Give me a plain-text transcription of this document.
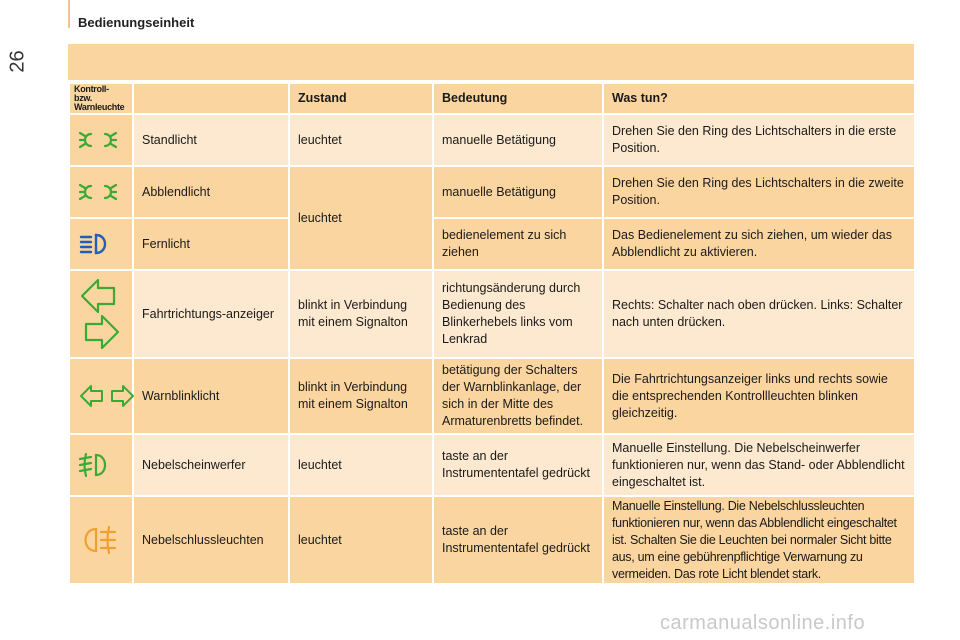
26
Bedienungseinheit
Kontroll- bzw. Warnleuchte		Zustand	Bedeutung	Was tun?
	Standlicht	leuchtet	manuelle Betätigung	Drehen Sie den Ring des Lichtschalters in die erste Position.
	Abblendlicht	leuchtet	manuelle Betätigung	Drehen Sie den Ring des Lichtschalters in die zweite Position.
	Fernlicht		bedienelement zu sich ziehen	Das Bedienelement zu sich ziehen, um wieder das Abblendlicht zu aktivieren.
	Fahrtrichtungs-anzeiger	blinkt in Verbindung mit einem Signalton	richtungsänderung durch Bedienung des Blinkerhebels links vom Lenkrad	Rechts: Schalter nach oben drücken. Links: Schalter nach unten drücken.
	Warnblinklicht	blinkt in Verbindung mit einem Signalton	betätigung der Schalters der Warnblinkanlage, der sich in der Mitte des Armaturenbretts befindet.	Die Fahrtrichtungsanzeiger links und rechts sowie die entsprechenden Kontrollleuchten blinken gleichzeitig.
	Nebelscheinwerfer	leuchtet	taste an der Instrumententafel gedrückt	Manuelle Einstellung. Die Nebelscheinwerfer funktionieren nur, wenn das Stand- oder Abblendlicht eingeschaltet ist.
	Nebelschlussleuchten	leuchtet	taste an der Instrumententafel gedrückt	Manuelle Einstellung. Die Nebelschlussleuchten funktionieren nur, wenn das Abblendlicht eingeschaltet ist. Schalten Sie die Leuchten bei normaler Sicht bitte aus, um eine gebührenpflichtige Verwarnung zu vermeiden. Das rote Licht blendet stark.
carmanualsonline.info
